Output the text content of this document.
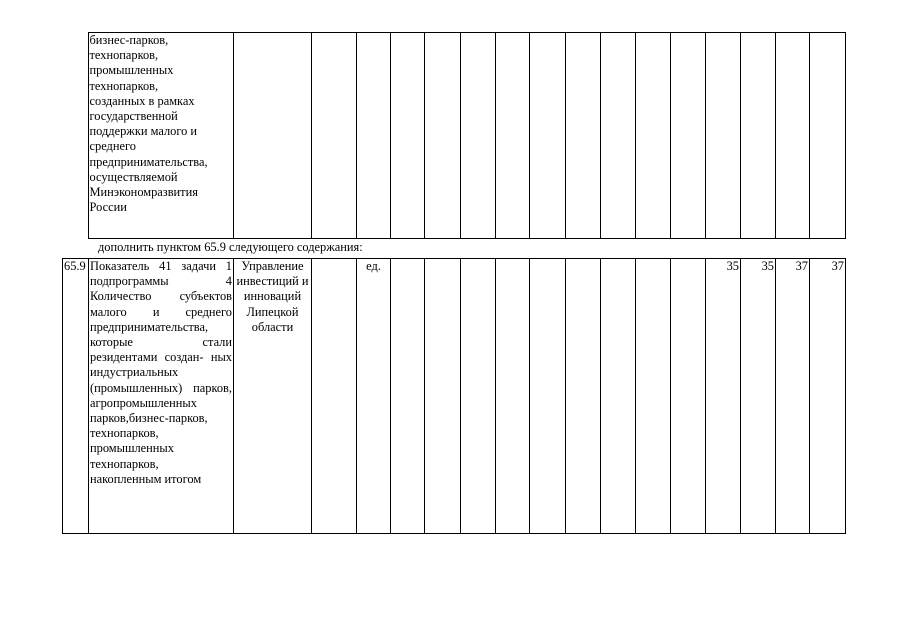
	бизнес-парков,
технопарков,
промышленных
технопарков,
созданных в рамках
государственной
поддержки малого и
среднего
предпринимательства,
осуществляемой
Минэкономразвития
России																
дополнить пунктом 65.9 следующего содержания:
65.9	Показатель 41 задачи 1 подпрограммы 4 Количество субъектов малого и среднего предпринимательства, которые стали резидентами создан- ных индустриальных (промышленных) парков, агропромышленных парков,бизнес-парков, технопарков, промышленных технопарков, накопленным итогом	Управление инвестиций и инноваций Липецкой области		ед.										35	35	37	37
